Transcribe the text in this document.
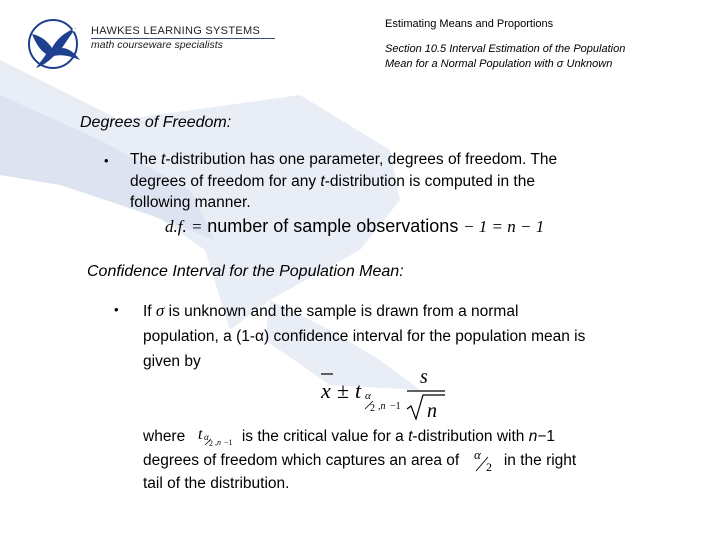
HAWKES LEARNING SYSTEMS
math courseware specialists
Estimating Means and Proportions
Section 10.5 Interval Estimation of the Population
Mean for a Normal Population with σ Unknown
Degrees of Freedom:
• The t-distribution has one parameter, degrees of freedom. The
degrees of freedom for any t-distribution is computed in the
following manner.
d.f. = number of sample observations − 1 = n − 1
Confidence Interval for the Population Mean:
• If σ is unknown and the sample is drawn from a normal
population, a (1-α) confidence interval for the population mean is
given by
x ± t α
2 ,n −1
s
n
where t α
2 ,n −1 is the critical value for a t-distribution with n−1
degrees of freedom which captures an area of α
2 in the right
tail of the distribution.
